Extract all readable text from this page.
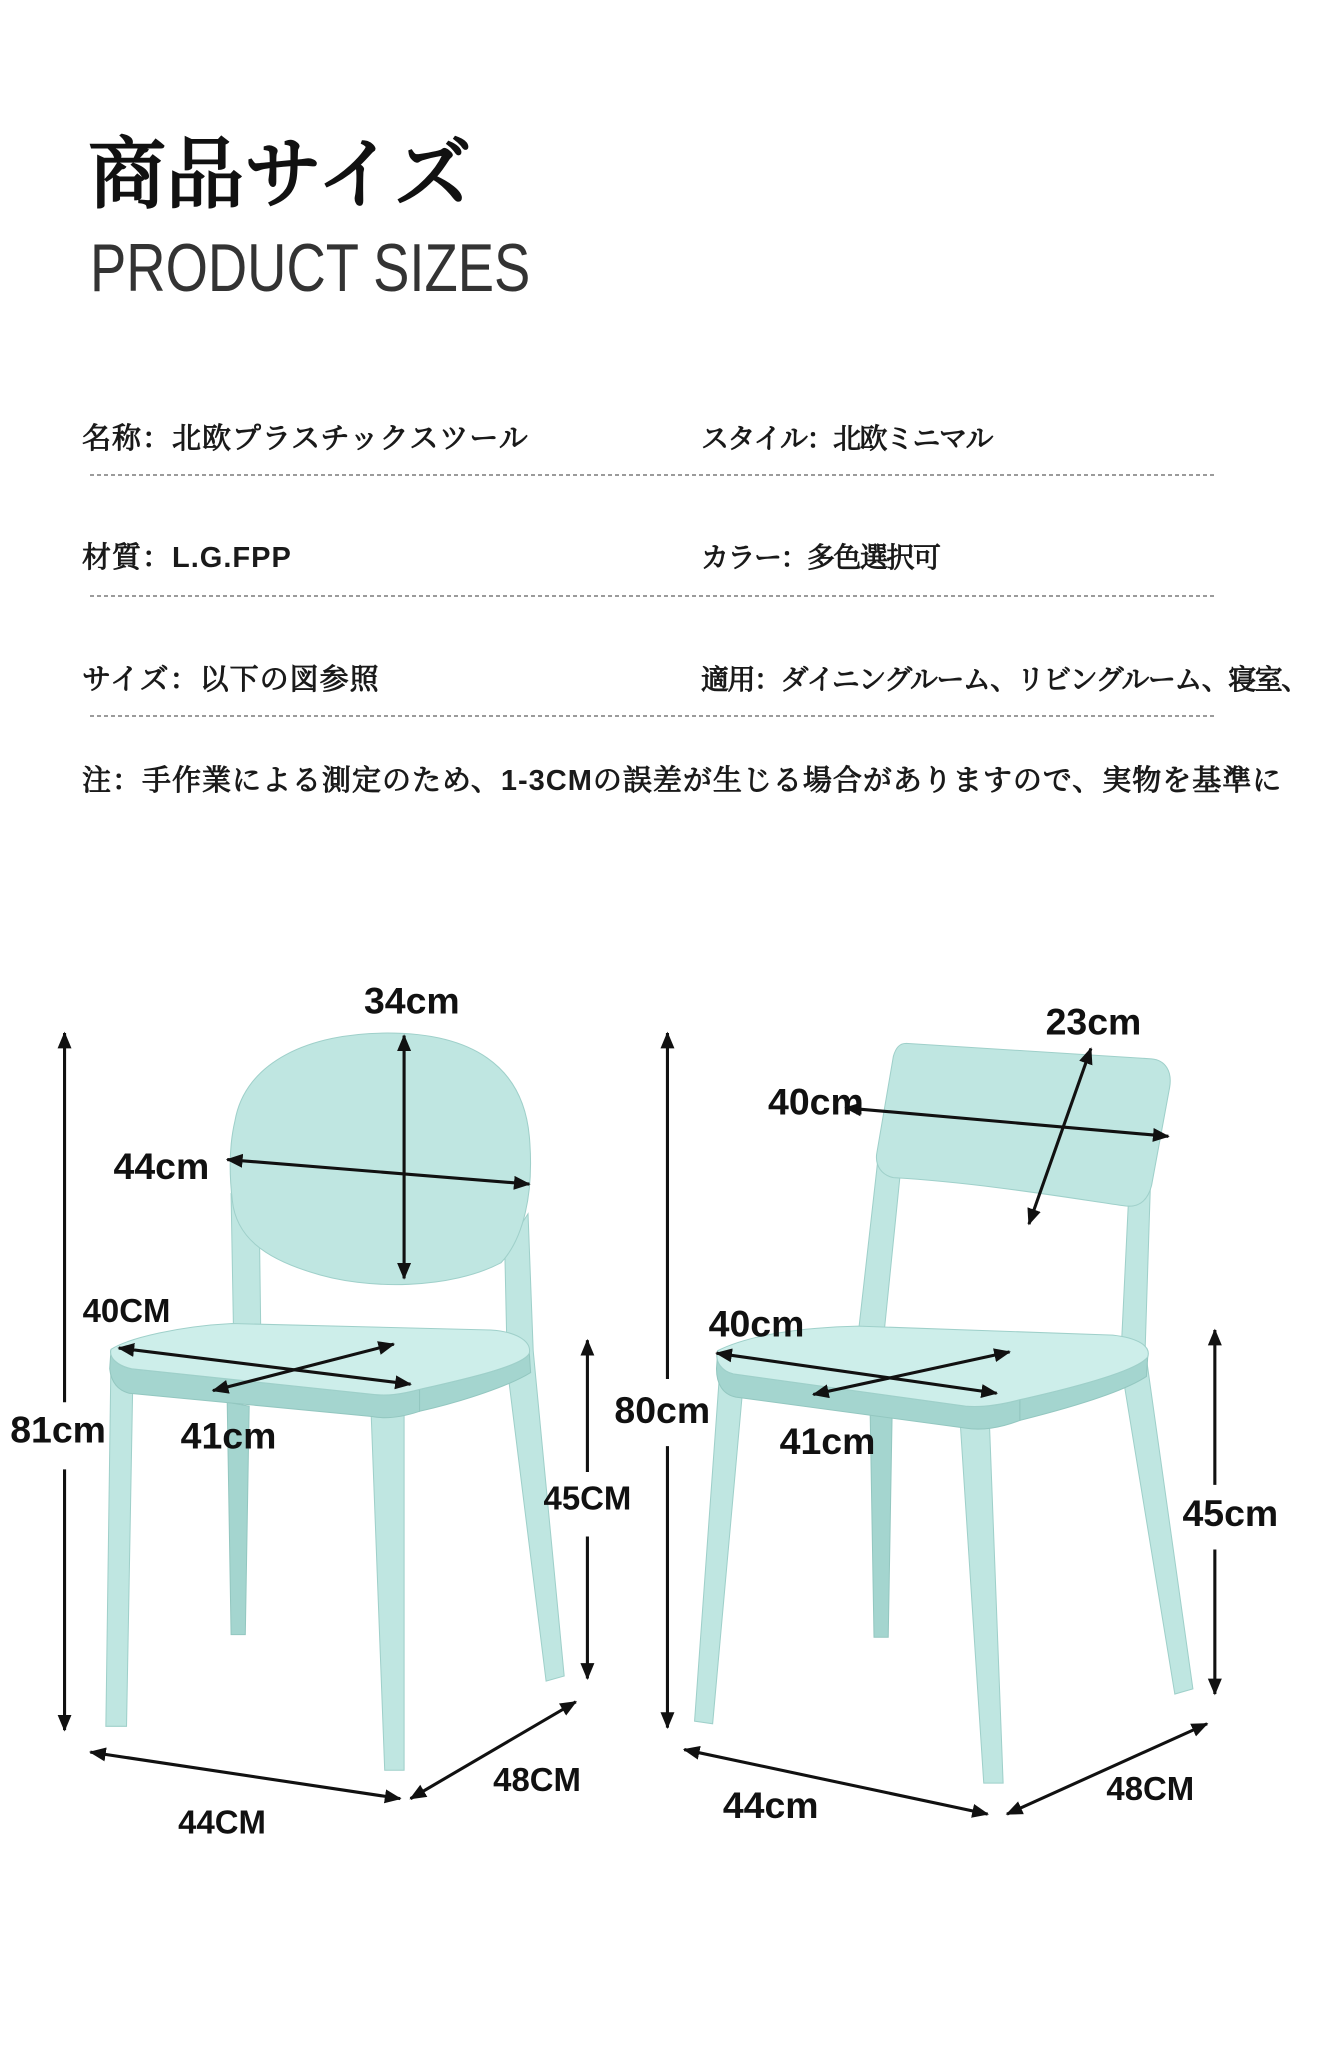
34cm
44cm
40CM
41cm
81cm
45CM
48CM
44CM
23cm
40cm
40cm
41cm
80cm
45cm
48CM
44cm
商品サイズ
PRODUCT SIZES
名称：北欧プラスチックスツール	スタイル：北欧ミニマル
材質：L.G.FPP	カラー：多色選択可
サイズ：以下の図参照	適用：ダイニングルーム、リビングルーム、寝室、
注：手作業による測定のため、1-3CMの誤差が生じる場合がありますので、実物を基準に
